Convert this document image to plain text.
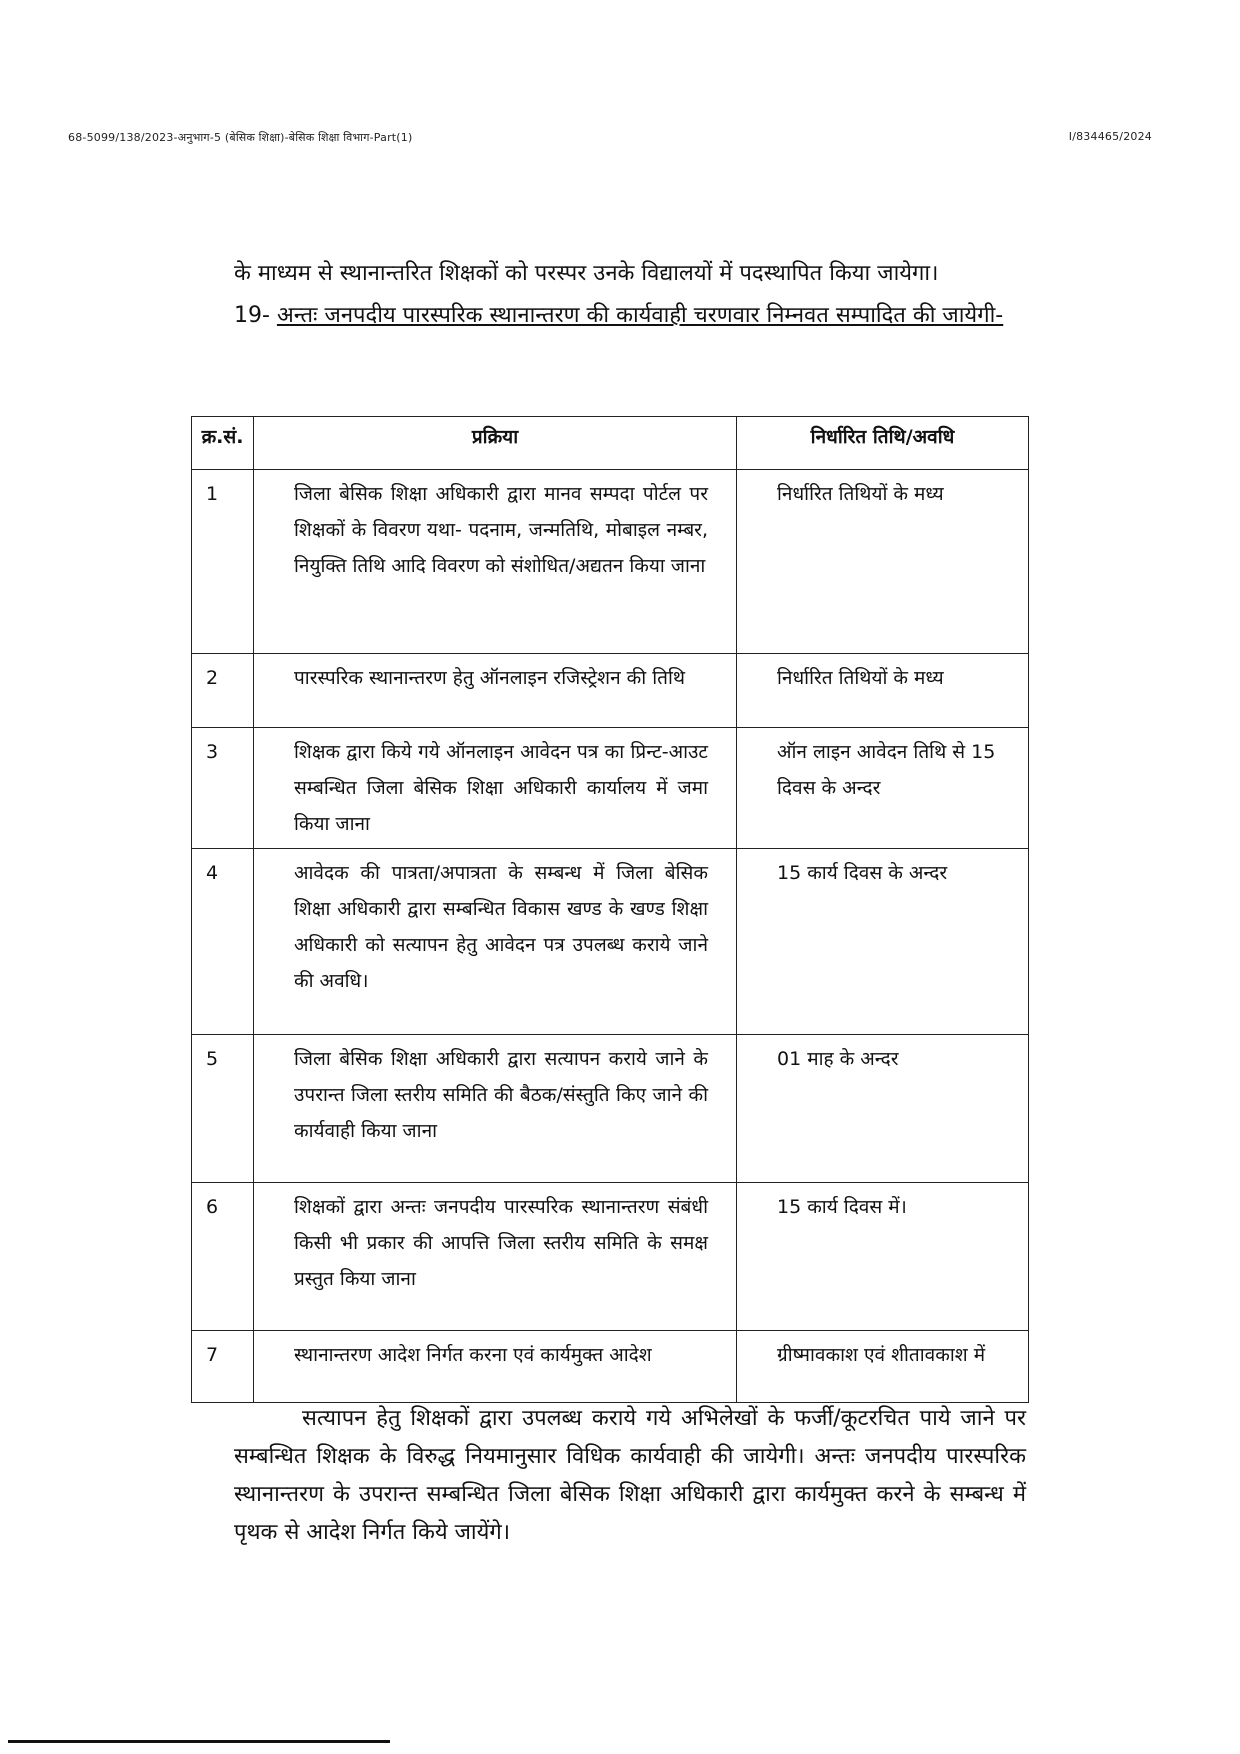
68-5099/138/2023-अनुभाग-5 (बेसिक शिक्षा)-बेसिक शिक्षा विभाग-Part(1)	I/834465/2024

के माध्यम से स्थानान्तरित शिक्षकों को परस्पर उनके विद्यालयों में पदस्थापित किया जायेगा।

19- अन्तः जनपदीय पारस्परिक स्थानान्तरण की कार्यवाही चरणवार निम्नवत सम्पादित की जायेगी-

क्र.सं.	प्रक्रिया	निर्धारित तिथि/अवधि
1	जिला बेसिक शिक्षा अधिकारी द्वारा मानव सम्पदा पोर्टल पर शिक्षकों के विवरण यथा- पदनाम, जन्मतिथि, मोबाइल नम्बर, नियुक्ति तिथि आदि विवरण को संशोधित/अद्यतन किया जाना	निर्धारित तिथियों के मध्य
2	पारस्परिक स्थानान्तरण हेतु ऑनलाइन रजिस्ट्रेशन की तिथि	निर्धारित तिथियों के मध्य
3	शिक्षक द्वारा किये गये ऑनलाइन आवेदन पत्र का प्रिन्ट-आउट सम्बन्धित जिला बेसिक शिक्षा अधिकारी कार्यालय में जमा किया जाना	ऑन लाइन आवेदन तिथि से 15 दिवस के अन्दर
4	आवेदक की पात्रता/अपात्रता के सम्बन्ध में जिला बेसिक शिक्षा अधिकारी द्वारा सम्बन्धित विकास खण्ड के खण्ड शिक्षा अधिकारी को सत्यापन हेतु आवेदन पत्र उपलब्ध कराये जाने की अवधि।	15 कार्य दिवस के अन्दर
5	जिला बेसिक शिक्षा अधिकारी द्वारा सत्यापन कराये जाने के उपरान्त जिला स्तरीय समिति की बैठक/संस्तुति किए जाने की कार्यवाही किया जाना	01 माह के अन्दर
6	शिक्षकों द्वारा अन्तः जनपदीय पारस्परिक स्थानान्तरण संबंधी किसी भी प्रकार की आपत्ति जिला स्तरीय समिति के समक्ष प्रस्तुत किया जाना	15 कार्य दिवस में।
7	स्थानान्तरण आदेश निर्गत करना एवं कार्यमुक्त आदेश	ग्रीष्मावकाश एवं शीतावकाश में

सत्यापन हेतु शिक्षकों द्वारा उपलब्ध कराये गये अभिलेखों के फर्जी/कूटरचित पाये जाने पर सम्बन्धित शिक्षक के विरुद्ध नियमानुसार विधिक कार्यवाही की जायेगी। अन्तः जनपदीय पारस्परिक स्थानान्तरण के उपरान्त सम्बन्धित जिला बेसिक शिक्षा अधिकारी द्वारा कार्यमुक्त करने के सम्बन्ध में पृथक से आदेश निर्गत किये जायेंगे।
